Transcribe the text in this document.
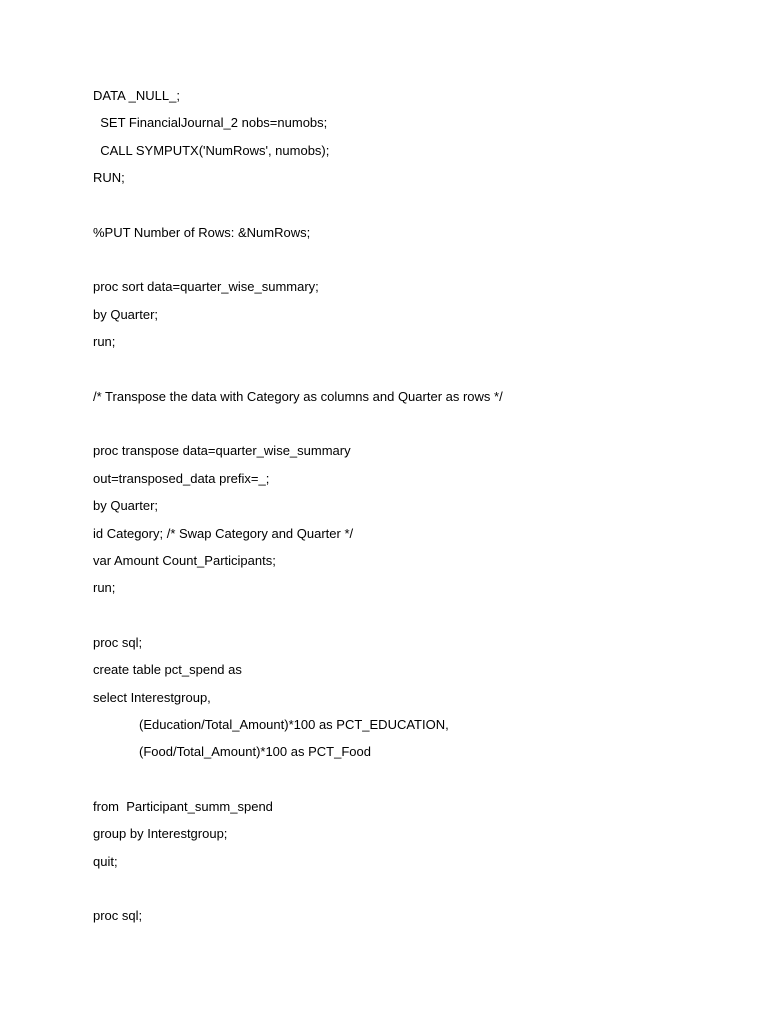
DATA _NULL_;
SET FinancialJournal_2 nobs=numobs;
CALL SYMPUTX('NumRows', numobs);
RUN;
%PUT Number of Rows: &NumRows;
proc sort data=quarter_wise_summary;
by Quarter;
run;
/* Transpose the data with Category as columns and Quarter as rows */
proc transpose data=quarter_wise_summary
out=transposed_data prefix=_;
by Quarter;
id Category; /* Swap Category and Quarter */
var Amount Count_Participants;
run;
proc sql;
create table pct_spend as
select Interestgroup,
(Education/Total_Amount)*100 as PCT_EDUCATION,
(Food/Total_Amount)*100 as PCT_Food
from  Participant_summ_spend
group by Interestgroup;
quit;
proc sql;
